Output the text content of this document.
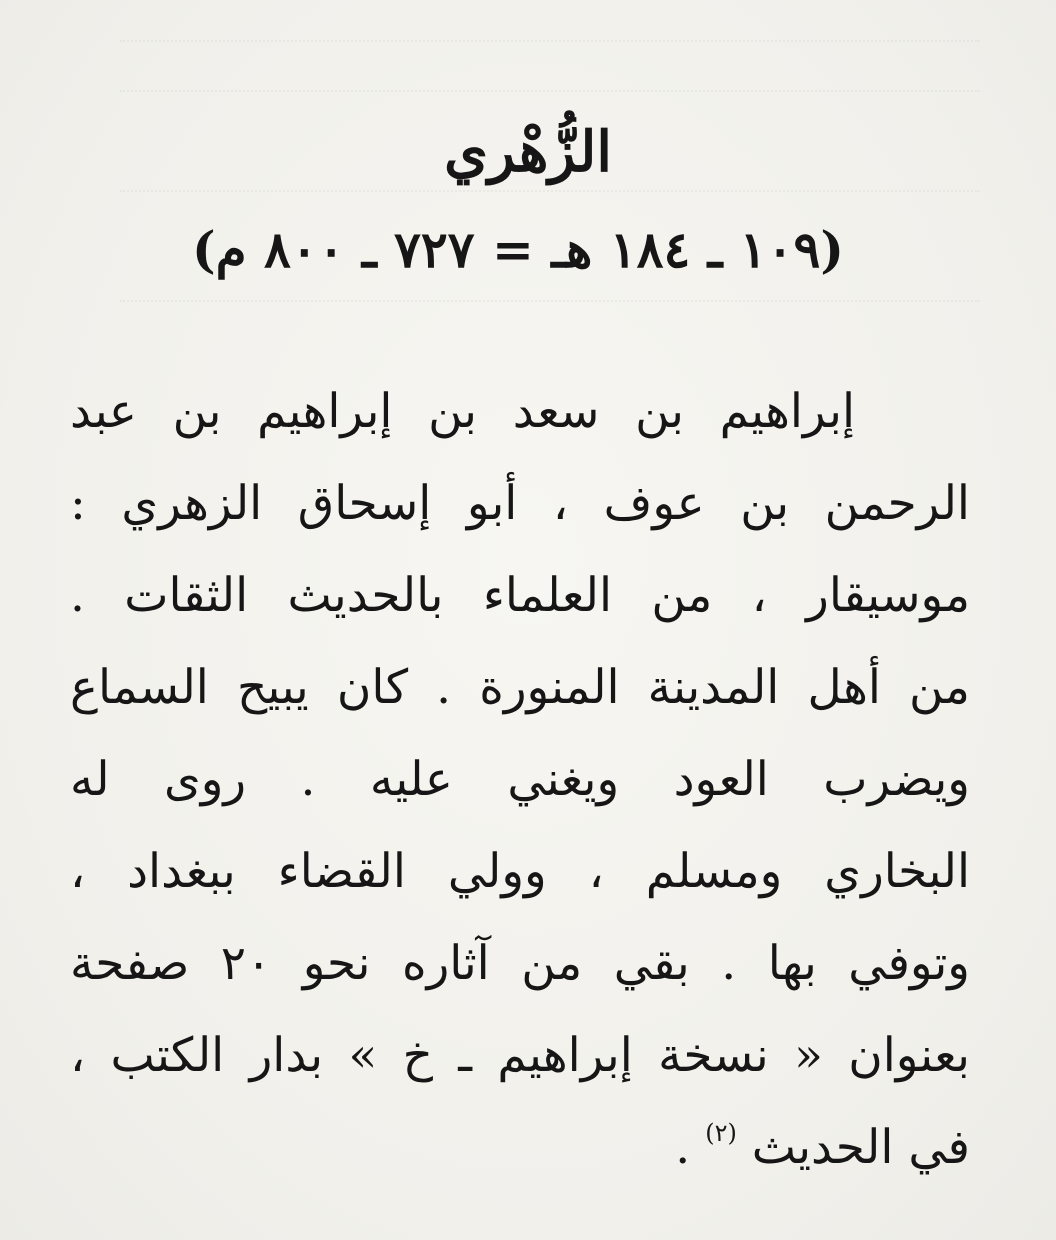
الزُّهْري
(١٠٩ ـ ١٨٤ هـ = ٧٢٧ ـ ٨٠٠ م)
إبراهيم بن سعد بن إبراهيم بن عبد
الرحمن بن عوف ، أبو إسحاق الزهري :
موسيقار ، من العلماء بالحديث الثقات .
من أهل المدينة المنورة . كان يبيح السماع
ويضرب العود ويغني عليه . روى له
البخاري ومسلم ، وولي القضاء ببغداد ،
وتوفي بها . بقي من آثاره نحو ٢٠ صفحة
بعنوان « نسخة إبراهيم ـ خ » بدار الكتب ،
في الحديث $^{(٢)}$ .
